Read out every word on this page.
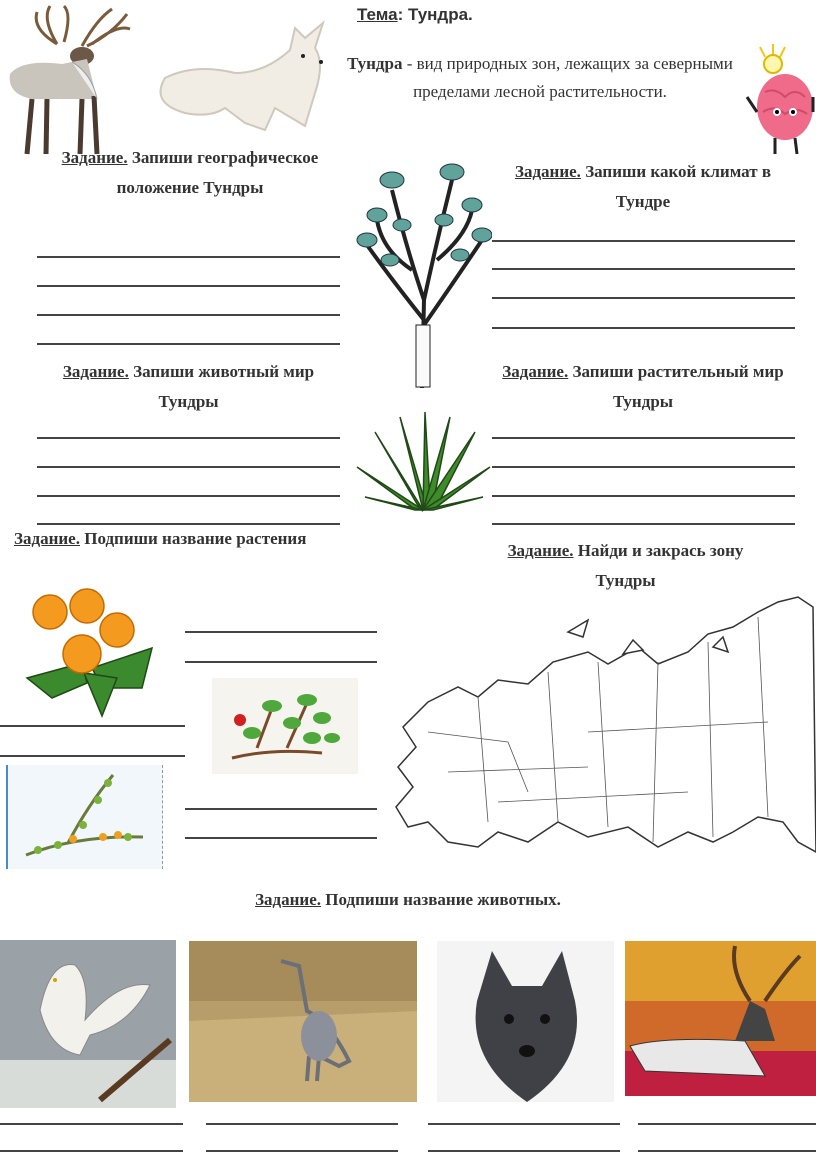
Тема: Тундра.
Тундра - вид природных зон, лежащих за северными пределами лесной растительности.
Задание. Запиши географическое положение Тундры
Задание. Запиши какой климат в Тундре
Задание. Запиши животный мир Тундры
Задание. Запиши растительный мир Тундры
Задание. Подпиши название растения
Задание. Найди и закрась зону Тундры
Задание. Подпиши название животных.
